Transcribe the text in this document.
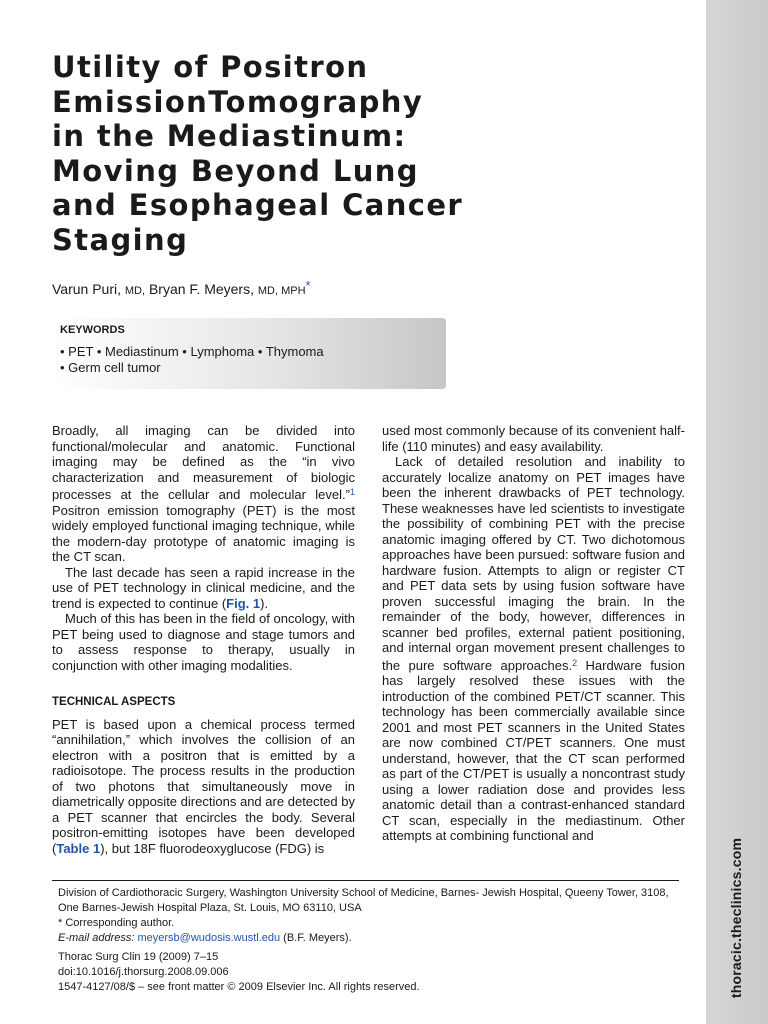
thoracic.theclinics.com
Utility of Positron
EmissionTomography
in the Mediastinum:
Moving Beyond Lung
and Esophageal Cancer
Staging
Varun Puri, MD, Bryan F. Meyers, MD, MPH*
KEYWORDS
• PET • Mediastinum • Lymphoma • Thymoma
• Germ cell tumor

Broadly, all imaging can be divided into functional/molecular and anatomic. Functional imaging may be defined as the “in vivo characterization and measurement of biologic processes at the cellular and molecular level.”$^1$ Positron emission tomography (PET) is the most widely employed functional imaging technique, while the modern-day prototype of anatomic imaging is the CT scan.

The last decade has seen a rapid increase in the use of PET technology in clinical medicine, and the trend is expected to continue (Fig. 1).

Much of this has been in the field of oncology, with PET being used to diagnose and stage tumors and to assess response to therapy, usually in conjunction with other imaging modalities.

TECHNICAL ASPECTS

PET is based upon a chemical process termed “annihilation,” which involves the collision of an electron with a positron that is emitted by a radioisotope. The process results in the production of two photons that simultaneously move in diametrically opposite directions and are detected by a PET scanner that encircles the body. Several positron-emitting isotopes have been developed (Table 1), but 18F fluorodeoxyglucose (FDG) is

used most commonly because of its convenient half-life (110 minutes) and easy availability.

Lack of detailed resolution and inability to accurately localize anatomy on PET images have been the inherent drawbacks of PET technology. These weaknesses have led scientists to investigate the possibility of combining PET with the precise anatomic imaging offered by CT. Two dichotomous approaches have been pursued: software fusion and hardware fusion. Attempts to align or register CT and PET data sets by using fusion software have proven successful imaging the brain. In the remainder of the body, however, differences in scanner bed profiles, external patient positioning, and internal organ movement present challenges to the pure software approaches.$^2$ Hardware fusion has largely resolved these issues with the introduction of the combined PET/CT scanner. This technology has been commercially available since 2001 and most PET scanners in the United States are now combined CT/PET scanners. One must understand, however, that the CT scan performed as part of the CT/PET is usually a noncontrast study using a lower radiation dose and provides less anatomic detail than a contrast-enhanced standard CT scan, especially in the mediastinum. Other attempts at combining functional and

Division of Cardiothoracic Surgery, Washington University School of Medicine, Barnes- Jewish Hospital, Queeny Tower, 3108, One Barnes-Jewish Hospital Plaza, St. Louis, MO 63110, USA

* Corresponding author.

E-mail address: meyersb@wudosis.wustl.edu (B.F. Meyers).

Thorac Surg Clin 19 (2009) 7–15

doi:10.1016/j.thorsurg.2008.09.006

1547-4127/08/$ – see front matter © 2009 Elsevier Inc. All rights reserved.
